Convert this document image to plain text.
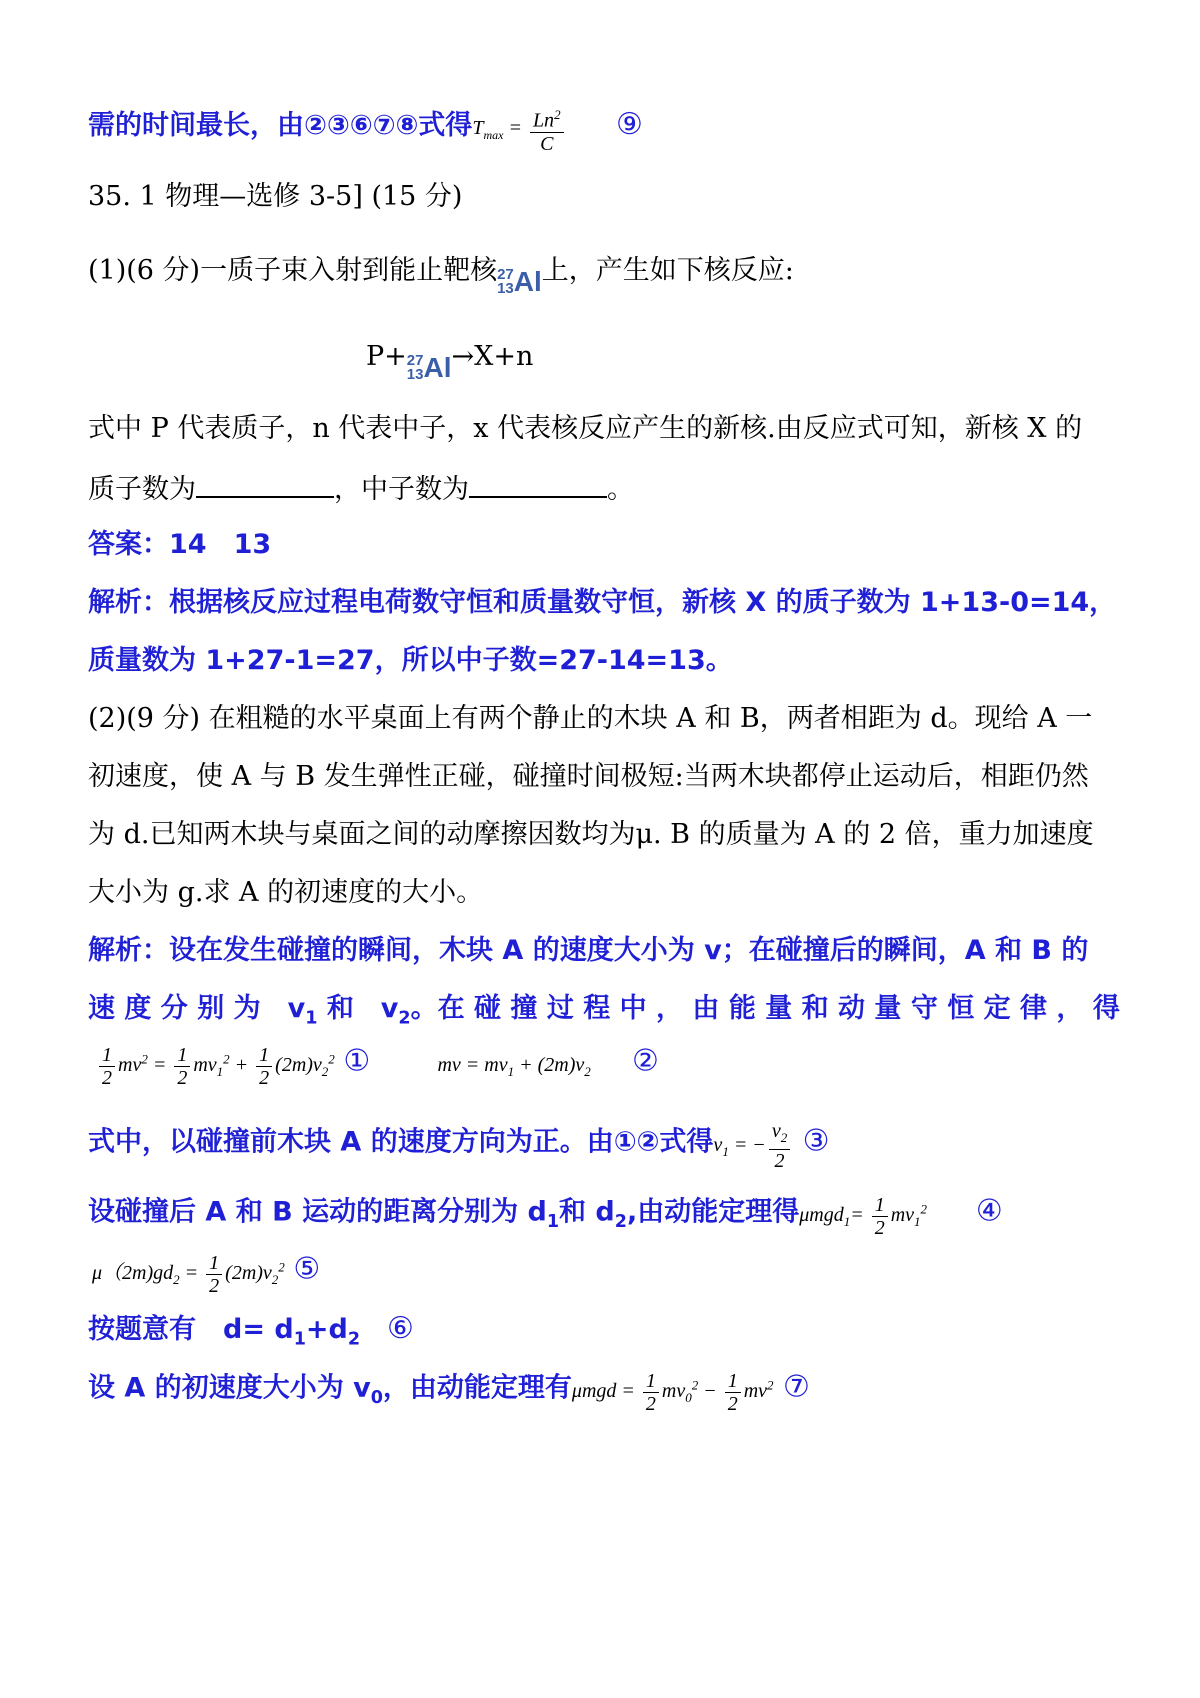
需的时间最长，由②③⑥⑦⑧式得$T_{max} = \frac{Ln^2}{C}$ ⑨
35. 1 物理—选修 3-5] (15 分)
(1)(6 分)一质子束入射到能止靶核 27
13 Al 上，产生如下核反应:
P+ 27
13 Al →X+n
式中 P 代表质子，n 代表中子，x 代表核反应产生的新核.由反应式可知，新核 X 的
质子数为	，中子数为	。
答案：14　13
解析：根据核反应过程电荷数守恒和质量数守恒，新核 X 的质子数为 1+13-0=14，
质量数为 1+27-1=27，所以中子数=27-14=13。
(2)(9 分) 在粗糙的水平桌面上有两个静止的木块 A 和 B，两者相距为 d。现给 A 一
初速度，使 A 与 B 发生弹性正碰，碰撞时间极短:当两木块都停止运动后，相距仍然
为 d.已知两木块与桌面之间的动摩擦因数均为μ. B 的质量为 A 的 2 倍，重力加速度
大小为 g.求 A 的初速度的大小。
解析：设在发生碰撞的瞬间，木块 A 的速度大小为 v；在碰撞后的瞬间，A 和 B 的
速 度 分 别 为　$v_1$ 和　$v_2$。在 碰 撞 过 程 中 ， 由 能 量 和 动 量 守 恒 定 律 ， 得
$\frac{1}{2} mv^2 = \frac{1}{2} mv_1^2 + \frac{1}{2} (2m)v_2^2$ ①	mv = $mv_1 + (2m)v_2$ ②
式中，以碰撞前木块 A 的速度方向为正。由①②式得$v_1$ = − $\frac{v_2}{2}$ ③
设碰撞后 A 和 B 运动的距离分别为 $d_1$和 $d_2$,由动能定理得$\mu mgd_1= \frac{1}{2} mv_1^2$ ④
$\mu(2m)gd_2 = \frac{1}{2} (2m)v_2^2$ ⑤
按题意有　$d= d_1+d_2$　 ⑥
设 A 的初速度大小为 $v_0$，由动能定理有$\mu mgd = \frac{1}{2} mv_0^2 - \frac{1}{2} mv^2$ ⑦
